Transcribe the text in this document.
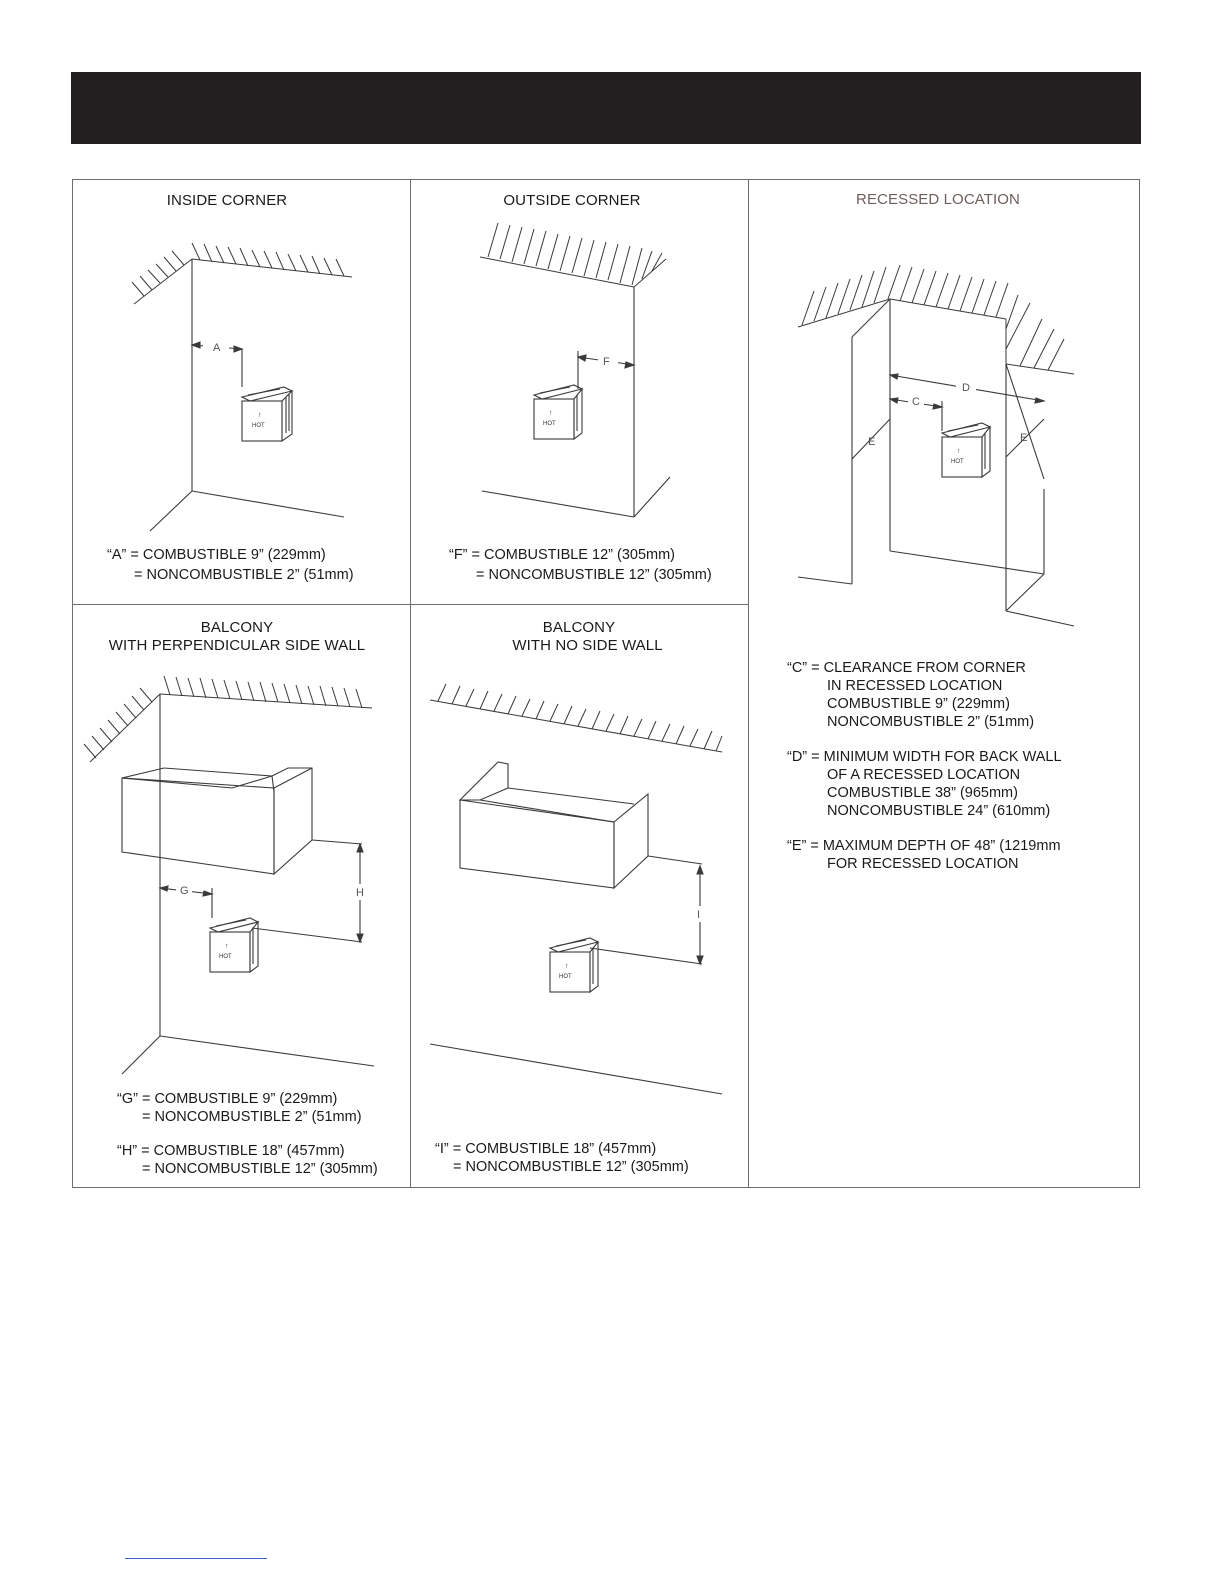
INSIDE CORNER
A
HOT
↑
“A” = COMBUSTIBLE 9” (229mm)
= NONCOMBUSTIBLE 2” (51mm)
OUTSIDE CORNER
F
HOT
↑
“F” = COMBUSTIBLE 12” (305mm)
= NONCOMBUSTIBLE 12” (305mm)
RECESSED LOCATION
D
C
E	E
HOT
↑
“C” = CLEARANCE FROM CORNER
IN RECESSED LOCATION
COMBUSTIBLE 9” (229mm)
NONCOMBUSTIBLE 2” (51mm)
“D” = MINIMUM WIDTH FOR BACK WALL
OF A RECESSED LOCATION
COMBUSTIBLE 38” (965mm)
NONCOMBUSTIBLE 24” (610mm)
“E” = MAXIMUM DEPTH OF 48” (1219mm
FOR RECESSED LOCATION
BALCONY
WITH PERPENDICULAR SIDE WALL
H
G
HOT
↑
“G” = COMBUSTIBLE 9” (229mm)
= NONCOMBUSTIBLE 2” (51mm)
“H” = COMBUSTIBLE 18” (457mm)
= NONCOMBUSTIBLE 12” (305mm)
BALCONY
WITH NO SIDE WALL
I
HOT
↑
“I” = COMBUSTIBLE 18” (457mm)
= NONCOMBUSTIBLE 12” (305mm)
